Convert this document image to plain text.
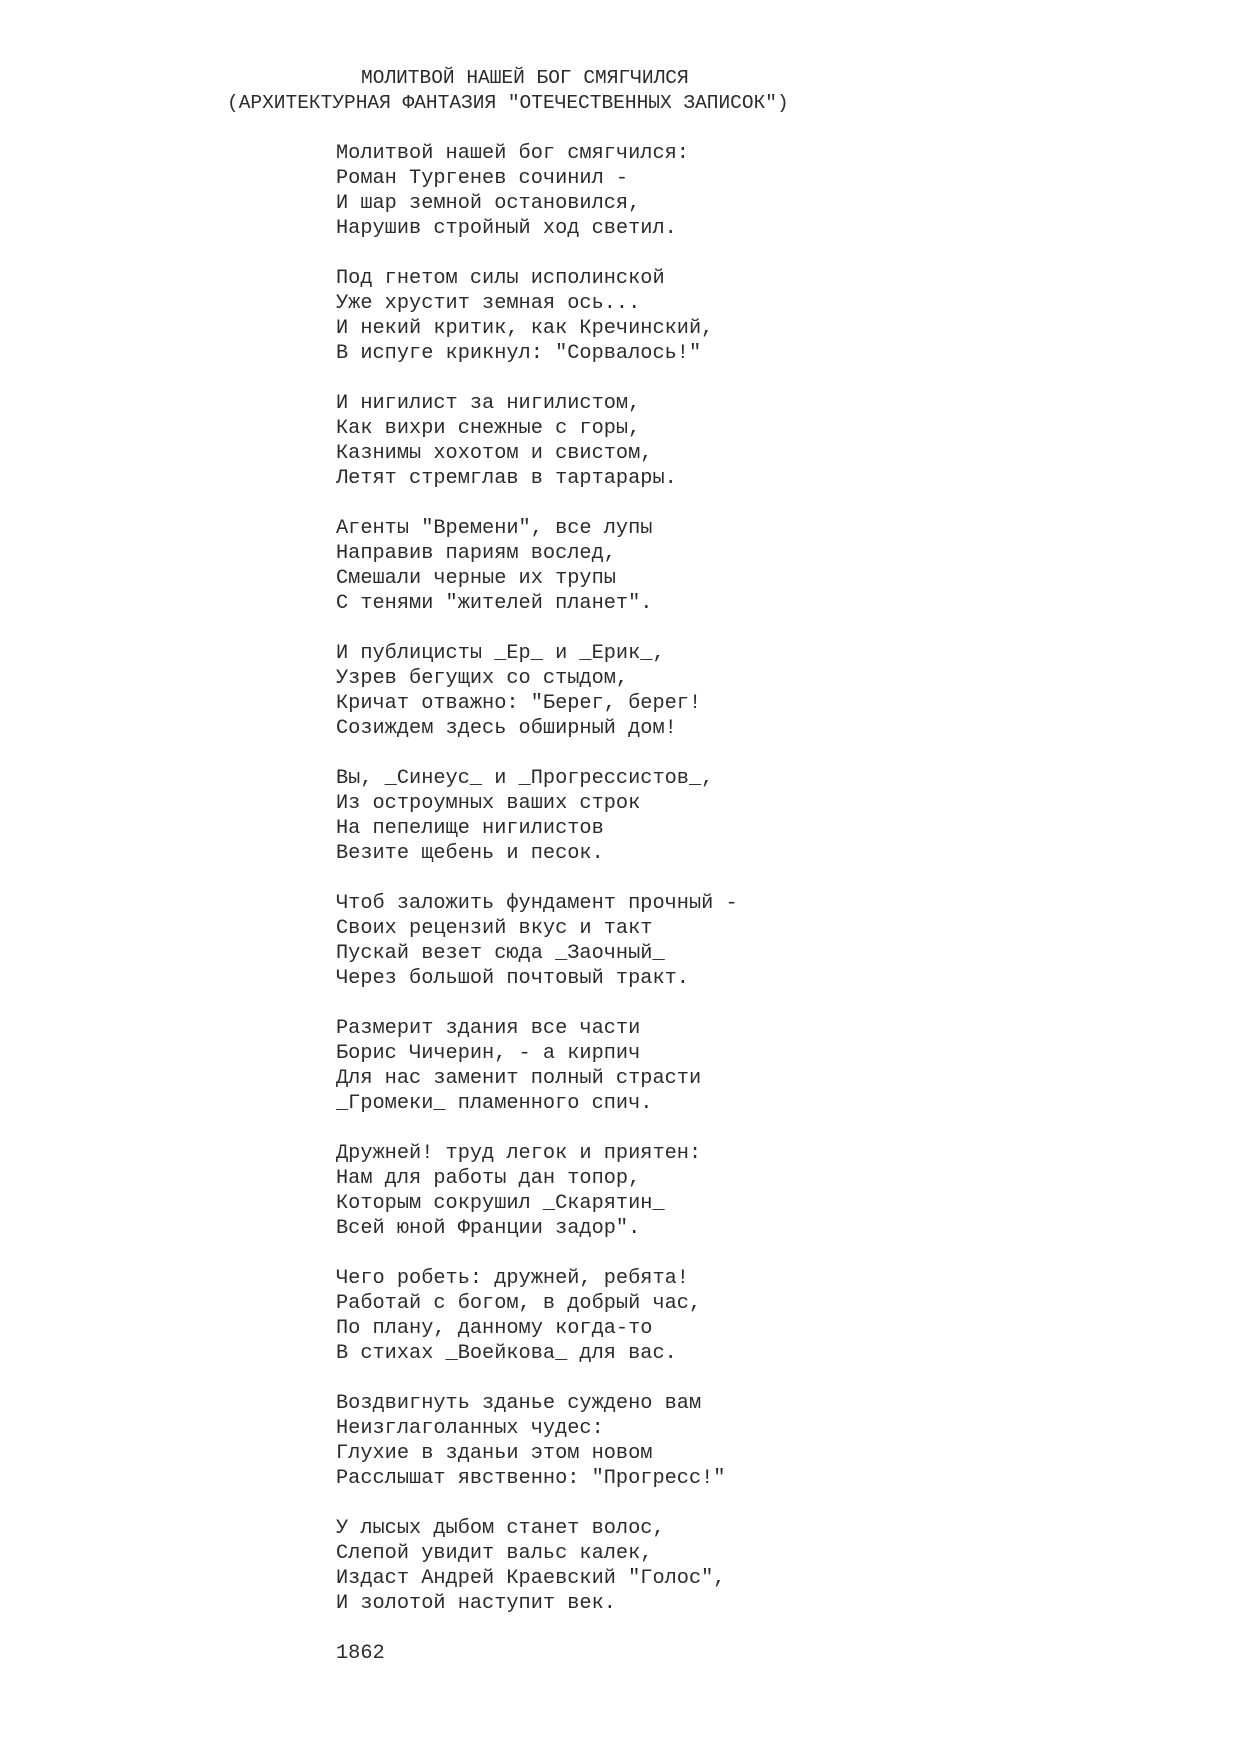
МОЛИТВОЙ НАШЕЙ БОГ СМЯГЧИЛСЯ
(АРХИТЕКТУРНАЯ ФАНТАЗИЯ "ОТЕЧЕСТВЕННЫХ ЗАПИСОК")
Молитвой нашей бог смягчился:
Роман Тургенев сочинил -
И шар земной остановился,
Нарушив стройный ход светил.
Под гнетом силы исполинской
Уже хрустит земная ось...
И некий критик, как Кречинский,
В испуге крикнул: "Сорвалось!"
И нигилист за нигилистом,
Как вихри снежные с горы,
Казнимы хохотом и свистом,
Летят стремглав в тартарары.
Агенты "Времени", все лупы
Направив париям вослед,
Смешали черные их трупы
С тенями "жителей планет".
И публицисты _Ер_ и _Ерик_,
Узрев бегущих со стыдом,
Кричат отважно: "Берег, берег!
Созиждем здесь обширный дом!
Вы, _Синеус_ и _Прогрессистов_,
Из остроумных ваших строк
На пепелище нигилистов
Везите щебень и песок.
Чтоб заложить фундамент прочный -
Своих рецензий вкус и такт
Пускай везет сюда _Заочный_
Через большой почтовый тракт.
Размерит здания все части
Борис Чичерин, - а кирпич
Для нас заменит полный страсти
_Громеки_ пламенного спич.
Дружней! труд легок и приятен:
Нам для работы дан топор,
Которым сокрушил _Скарятин_
Всей юной Франции задор".
Чего робеть: дружней, ребята!
Работай с богом, в добрый час,
По плану, данному когда-то
В стихах _Воейкова_ для вас.
Воздвигнуть зданье суждено вам
Неизглаголанных чудес:
Глухие в зданьи этом новом
Расслышат явственно: "Прогресс!"
У лысых дыбом станет волос,
Слепой увидит вальс калек,
Издаст Андрей Краевский "Голос",
И золотой наступит век.
1862
